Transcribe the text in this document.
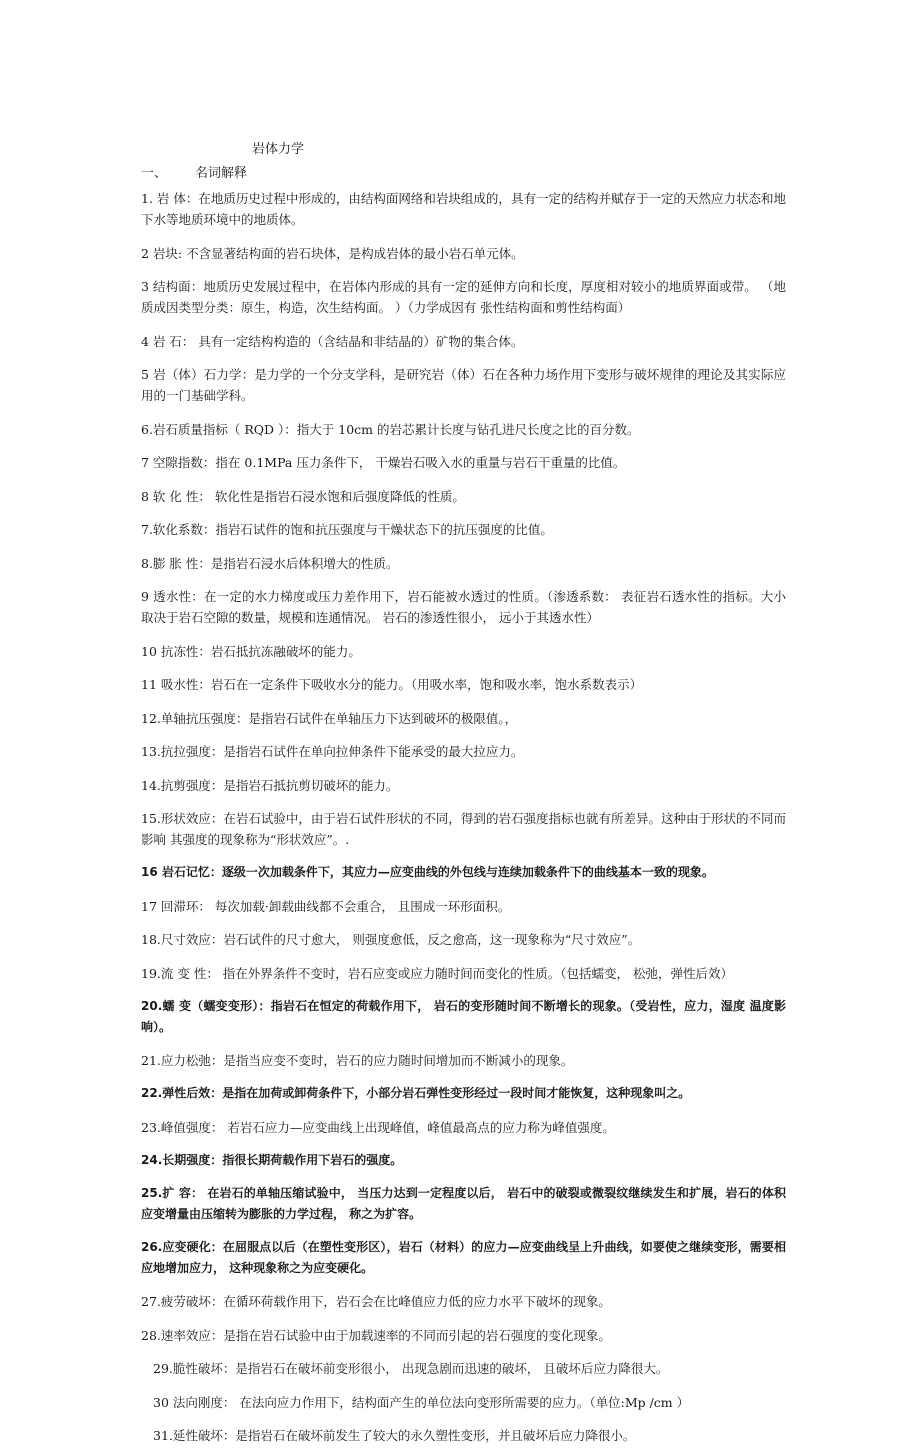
岩体力学
一、 名词解释

1. 岩 体：在地质历史过程中形成的，由结构面网络和岩块组成的，具有一定的结构并赋存于一定的天然应力状态和地下水等地质环境中的地质体。

2 岩块: 不含显著结构面的岩石块体，是构成岩体的最小岩石单元体。

3 结构面：地质历史发展过程中，在岩体内形成的具有一定的延伸方向和长度，厚度相对较小的地质界面或带。 （地质成因类型分类：原生，构造，次生结构面。 ）（力学成因有 张性结构面和剪性结构面）

4 岩 石： 具有一定结构构造的（含结晶和非结晶的）矿物的集合体。

5 岩（体）石力学：是力学的一个分支学科，是研究岩（体）石在各种力场作用下变形与破坏规律的理论及其实际应用的一门基础学科。

6.岩石质量指标（ RQD ）：指大于 10cm 的岩芯累计长度与钻孔进尺长度之比的百分数。

7 空隙指数：指在 0.1MPa 压力条件下， 干燥岩石吸入水的重量与岩石干重量的比值。

8 软 化 性： 软化性是指岩石浸水饱和后强度降低的性质。

7.软化系数：指岩石试件的饱和抗压强度与干燥状态下的抗压强度的比值。

8.膨 胀 性：是指岩石浸水后体积增大的性质。

9 透水性：在一定的水力梯度或压力差作用下，岩石能被水透过的性质。（渗透系数： 表征岩石透水性的指标。大小 取决于岩石空隙的数量，规模和连通情况。 岩石的渗透性很小， 远小于其透水性）

10 抗冻性：岩石抵抗冻融破坏的能力。

11 吸水性：岩石在一定条件下吸收水分的能力。（用吸水率，饱和吸水率，饱水系数表示）

12.单轴抗压强度：是指岩石试件在单轴压力下达到破坏的极限值。，

13.抗拉强度：是指岩石试件在单向拉伸条件下能承受的最大拉应力。

14.抗剪强度：是指岩石抵抗剪切破坏的能力。

15.形状效应：在岩石试验中，由于岩石试件形状的不同，得到的岩石强度指标也就有所差异。这种由于形状的不同而影响 其强度的现象称为“形状效应”。.

16 岩石记忆：逐级一次加载条件下，其应力—应变曲线的外包线与连续加载条件下的曲线基本一致的现象。

17 回滞环： 每次加载·卸载曲线都不会重合， 且围成一环形面积。

18.尺寸效应：岩石试件的尺寸愈大， 则强度愈低，反之愈高，这一现象称为“尺寸效应”。

19.流 变 性： 指在外界条件不变时，岩石应变或应力随时间而变化的性质。（包括蠕变， 松弛，弹性后效）

20.蠕 变（蠕变变形）：指岩石在恒定的荷载作用下， 岩石的变形随时间不断增长的现象。（受岩性，应力，湿度 温度影响）。

21.应力松弛：是指当应变不变时，岩石的应力随时间增加而不断减小的现象。

22.弹性后效：是指在加荷或卸荷条件下，小部分岩石弹性变形经过一段时间才能恢复，这种现象叫之。

23.峰值强度： 若岩石应力—应变曲线上出现峰值，峰值最高点的应力称为峰值强度。

24.长期强度：指很长期荷载作用下岩石的强度。

25.扩 容： 在岩石的单轴压缩试验中， 当压力达到一定程度以后， 岩石中的破裂或微裂纹继续发生和扩展，岩石的体积应变增量由压缩转为膨胀的力学过程， 称之为扩容。

26.应变硬化：在屈服点以后（在塑性变形区），岩石（材料）的应力—应变曲线呈上升曲线，如要使之继续变形，需要相应地增加应力， 这种现象称之为应变硬化。

27.疲劳破坏：在循环荷载作用下，岩石会在比峰值应力低的应力水平下破坏的现象。

28.速率效应：是指在岩石试验中由于加载速率的不同而引起的岩石强度的变化现象。

29.脆性破坏：是指岩石在破坏前变形很小， 出现急剧而迅速的破坏， 且破坏后应力降很大。

30 法向刚度： 在法向应力作用下，结构面产生的单位法向变形所需要的应力。（单位:Mp /cm ）

31.延性破坏：是指岩石在破坏前发生了较大的永久塑性变形，并且破坏后应力降很小。
